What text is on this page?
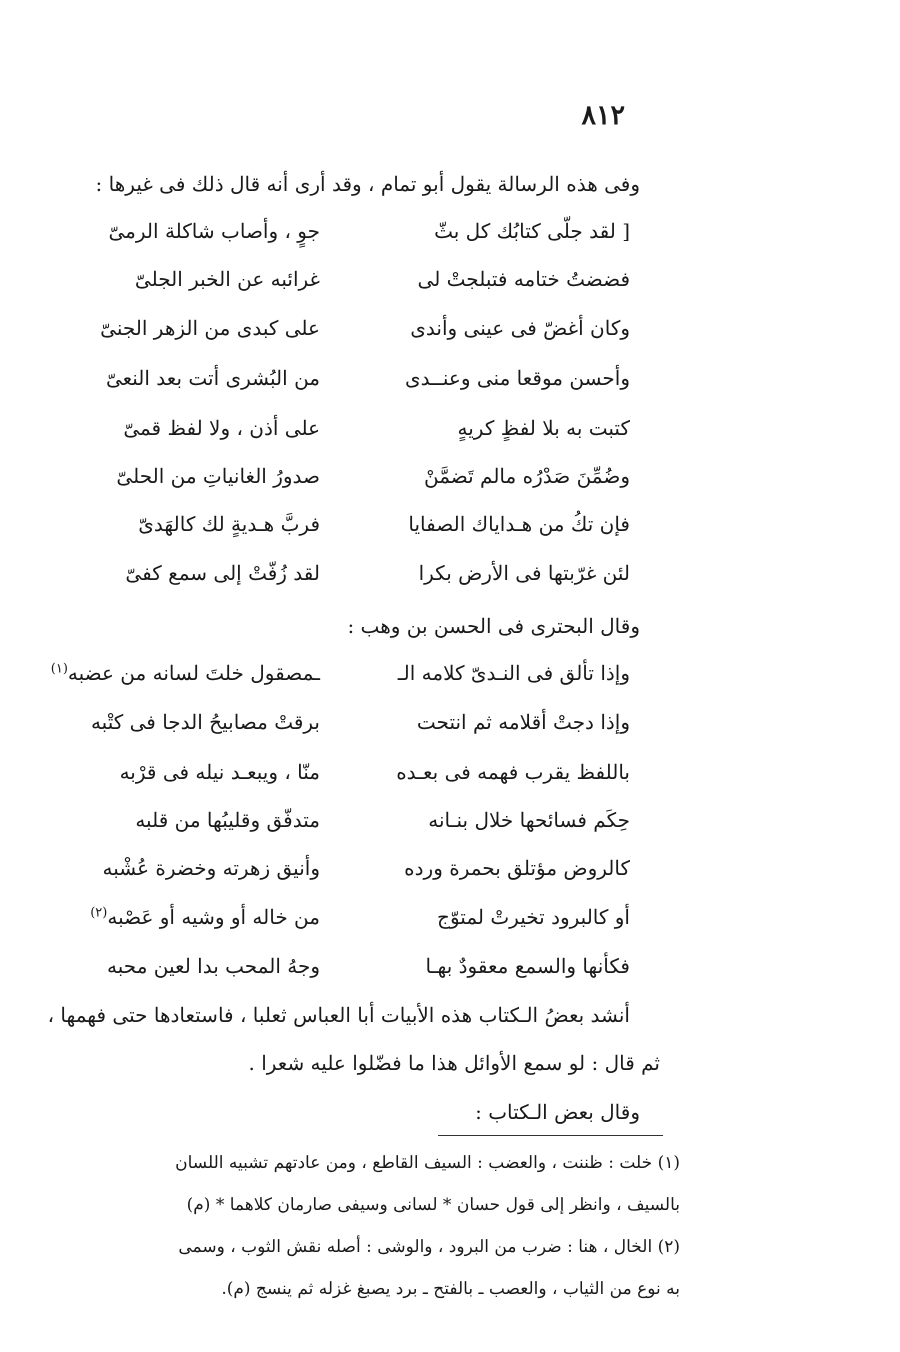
٨١٢
وفى هذه الرسالة يقول أبو تمام ، وقد أرى أنه قال ذلك فى غيرها :
[ لقد جلّى كتابُك كل بثّ
جوٍ ، وأصاب شاكلة الرمىّ
فضضتُ ختامه فتبلجتْ لى
غرائبه عن الخبر الجلىّ
وكان أغضّ فى عينى وأندى
على كبدى من الزهر الجنىّ
وأحسن موقعا منى وعنــدى
من البُشرى أتت بعد النعىّ
كتبت به بلا لفظٍ كريهٍ
على أذن ، ولا لفظ قمىّ
وضُمِّنَ صَدْرُه مالم تَضمَّنْ
صدورُ الغانياتِ من الحلىّ
فإن تكُ من هـداياك الصفايا
فربَّ هـديةٍ لك كالهَدىّ
لئن غرّبتها فى الأرض بكرا
لقد زُفّتْ إلى سمع كفىّ
وقال البحترى فى الحسن بن وهب :
وإذا تألق فى النـدىّ كلامه الـ
ـمصقول خلتَ لسانه من عضبه$^{(١)}$
وإذا دجتْ أقلامه ثم انتحت
برقتْ مصابيحُ الدجا فى كتْبه
باللفظ يقرب فهمه فى بعـده
منّا ، ويبعـد نيله فى قرْبه
حِكَم فسائحها خلال بنـانه
متدفّق وقليبُها من قلبه
كالروض مؤتلق بحمرة ورده
وأنيق زهرته وخضرة عُشْبه
أو كالبرود تخيرتْ لمتوّج
من خاله أو وشيه أو عَصْبه$^{(٢)}$
فكأنها والسمع معقودٌ بهـا
وجهُ المحب بدا لعين محبه
أنشد بعضُ الـكتاب هذه الأبيات أبا العباس ثعلبا ، فاستعادها حتى فهمها ،
ثم قال : لو سمع الأوائل هذا ما فضّلوا عليه شعرا .
وقال بعض الـكتاب :
(١) خلت : ظننت ، والعضب : السيف القاطع ، ومن عادتهم تشبيه اللسان
بالسيف ، وانظر إلى قول حسان * لسانى وسيفى صارمان كلاهما * (م)
(٢) الخال ، هنا : ضرب من البرود ، والوشى : أصله نقش الثوب ، وسمى
به نوع من الثياب ، والعصب ـ بالفتح ـ برد يصبغ غزله ثم ينسج (م).
